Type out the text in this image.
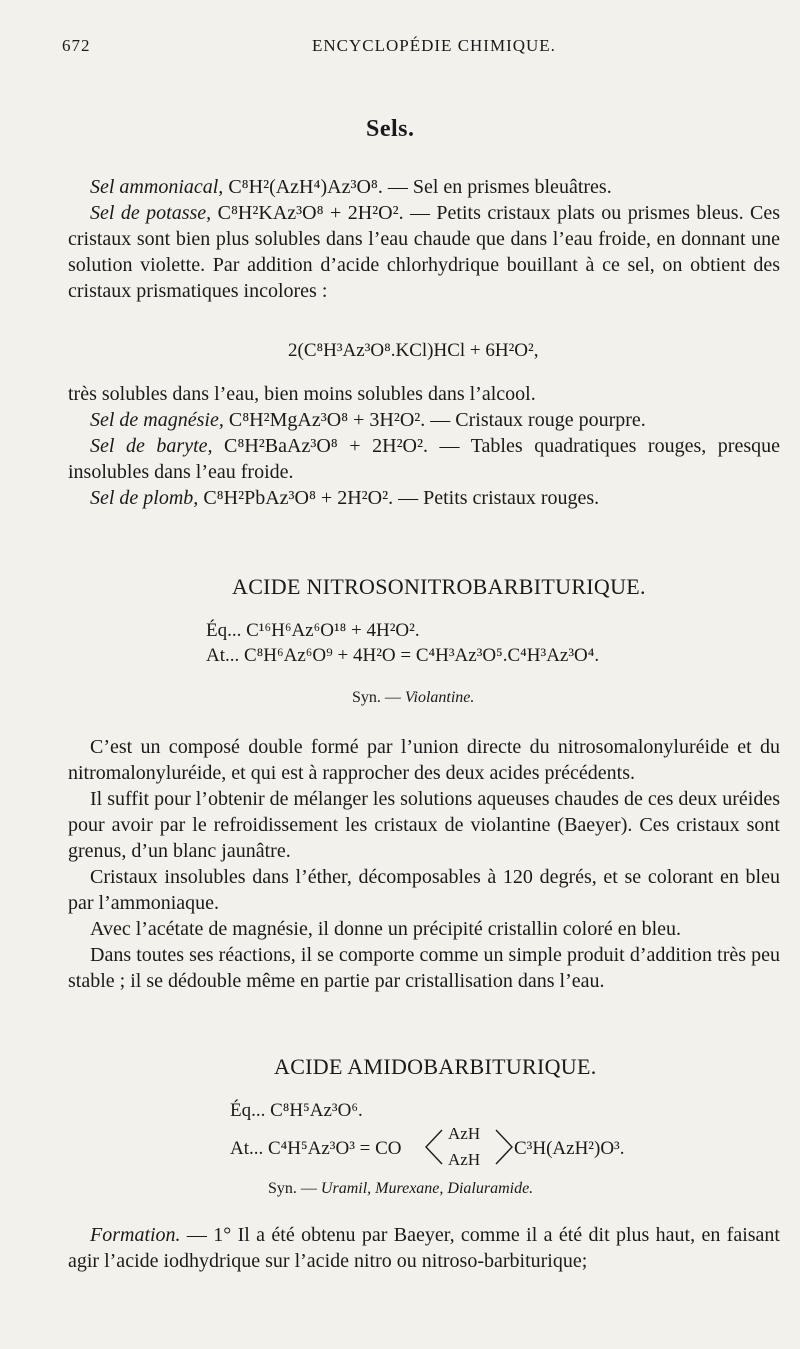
672	ENCYCLOPÉDIE CHIMIQUE.
Sels.
Sel ammoniacal, C⁸H²(AzH⁴)Az³O⁸. — Sel en prismes bleuâtres.
Sel de potasse, C⁸H²KAz³O⁸ + 2H²O². — Petits cristaux plats ou prismes bleus. Ces cristaux sont bien plus solubles dans l’eau chaude que dans l’eau froide, en donnant une solution violette. Par addition d’acide chlorhydrique bouillant à ce sel, on obtient des cristaux prismatiques incolores :
2(C⁸H³Az³O⁸.KCl)HCl + 6H²O²,
très solubles dans l’eau, bien moins solubles dans l’alcool.
Sel de magnésie, C⁸H²MgAz³O⁸ + 3H²O². — Cristaux rouge pourpre.
Sel de baryte, C⁸H²BaAz³O⁸ + 2H²O². — Tables quadratiques rouges, presque insolubles dans l’eau froide.
Sel de plomb, C⁸H²PbAz³O⁸ + 2H²O². — Petits cristaux rouges.
ACIDE NITROSONITROBARBITURIQUE.
Éq... C¹⁶H⁶Az⁶O¹⁸ + 4H²O².
At... C⁸H⁶Az⁶O⁹ + 4H²O = C⁴H³Az³O⁵.C⁴H³Az³O⁴.
Syn. — Violantine.
C’est un composé double formé par l’union directe du nitrosomalonyluréide et du nitromalonyluréide, et qui est à rapprocher des deux acides précédents.
Il suffit pour l’obtenir de mélanger les solutions aqueuses chaudes de ces deux uréides pour avoir par le refroidissement les cristaux de violantine (Baeyer). Ces cristaux sont grenus, d’un blanc jaunâtre.
Cristaux insolubles dans l’éther, décomposables à 120 degrés, et se colorant en bleu par l’ammoniaque.
Avec l’acétate de magnésie, il donne un précipité cristallin coloré en bleu.
Dans toutes ses réactions, il se comporte comme un simple produit d’addition très peu stable ; il se dédouble même en partie par cristallisation dans l’eau.
ACIDE AMIDOBARBITURIQUE.
Éq... C⁸H⁵Az³O⁶.
At... C⁴H⁵Az³O³ = CO
AzH
AzH
C³H(AzH²)O³.
Syn. — Uramil, Murexane, Dialuramide.
Formation. — 1° Il a été obtenu par Baeyer, comme il a été dit plus haut, en faisant agir l’acide iodhydrique sur l’acide nitro ou nitroso-barbiturique;
